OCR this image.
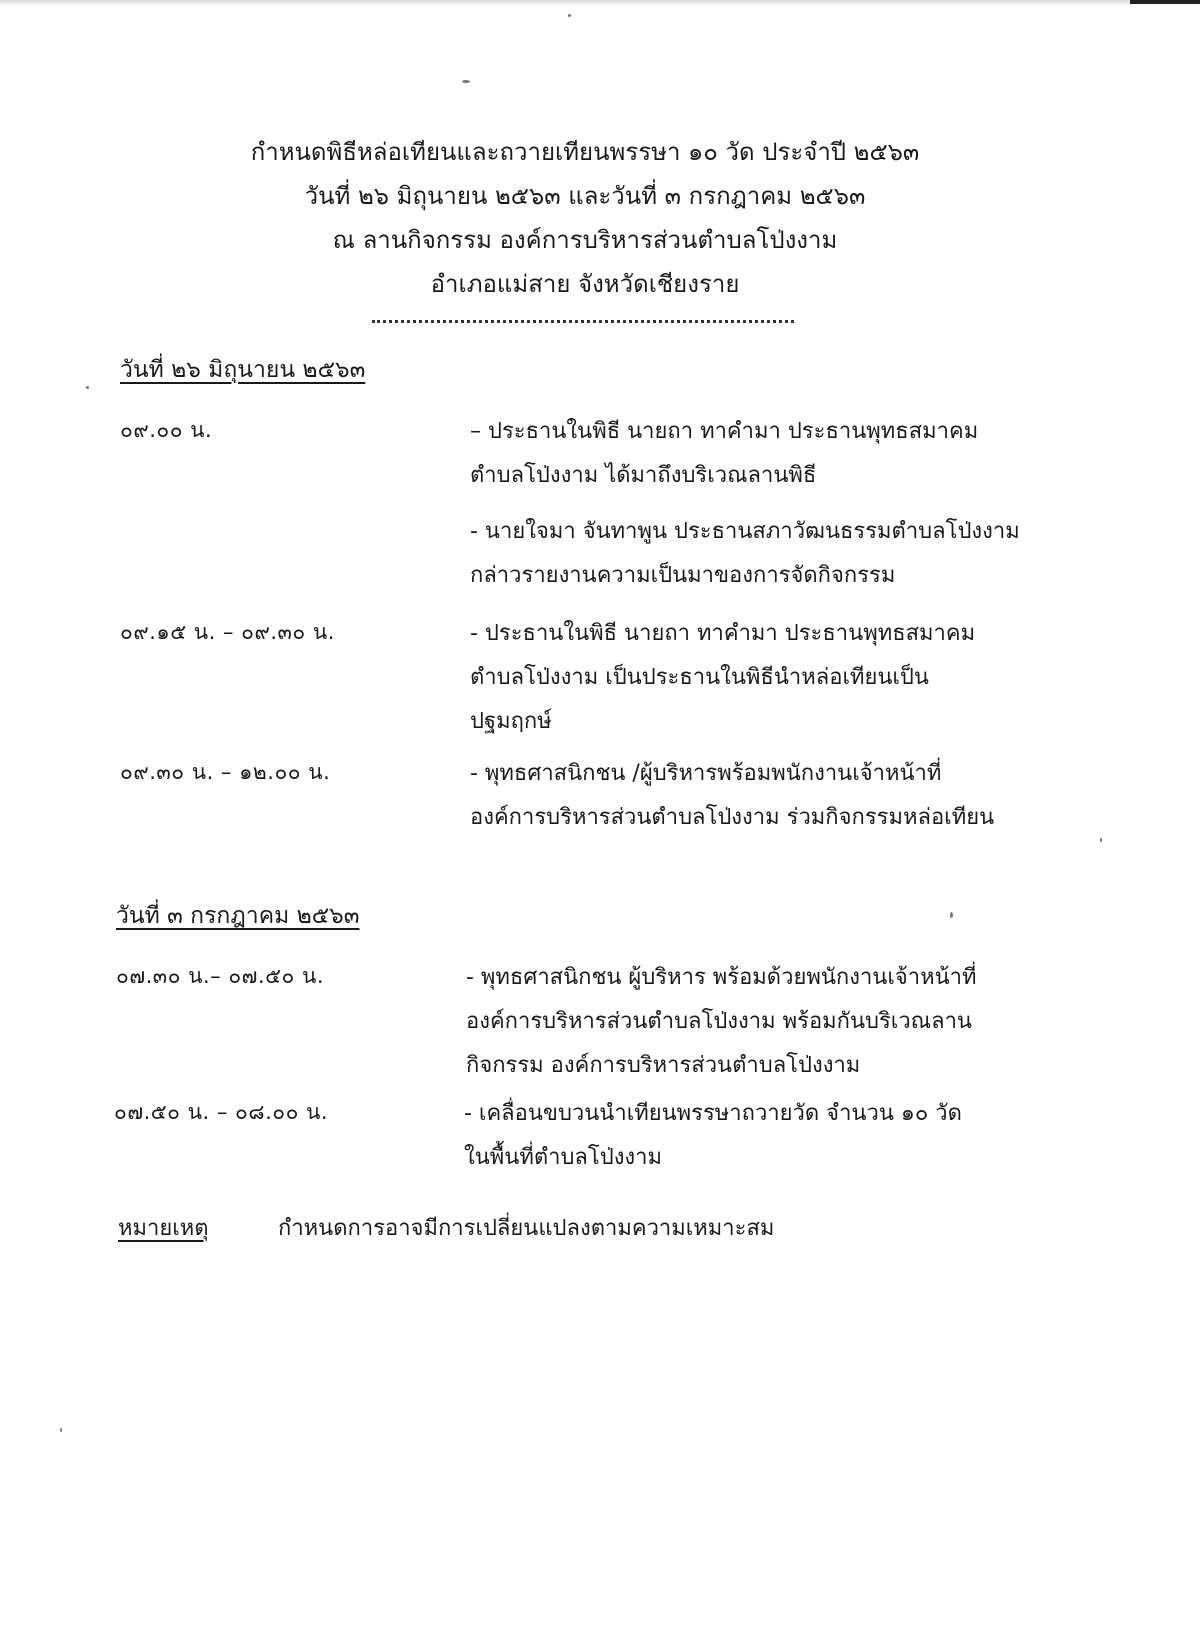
กำหนดพิธีหล่อเทียนและถวายเทียนพรรษา ๑๐ วัด ประจำปี ๒๕๖๓
วันที่ ๒๖ มิถุนายน ๒๕๖๓ และวันที่ ๓ กรกฎาคม ๒๕๖๓
ณ ลานกิจกรรม องค์การบริหารส่วนตำบลโป่งงาม
อำเภอแม่สาย จังหวัดเชียงราย
วันที่ ๒๖ มิถุนายน ๒๕๖๓
๐๙.๐๐ น.	– ประธานในพิธี นายถา ทาคำมา ประธานพุทธสมาคม
ตำบลโป่งงาม ได้มาถึงบริเวณลานพิธี
- นายใจมา จันทาพูน ประธานสภาวัฒนธรรมตำบลโป่งงาม
กล่าวรายงานความเป็นมาของการจัดกิจกรรม
๐๙.๑๕ น. – ๐๙.๓๐ น.	- ประธานในพิธี นายถา ทาคำมา ประธานพุทธสมาคม
ตำบลโป่งงาม เป็นประธานในพิธีนำหล่อเทียนเป็น
ปฐมฤกษ์
๐๙.๓๐ น. – ๑๒.๐๐ น.	- พุทธศาสนิกชน /ผู้บริหารพร้อมพนักงานเจ้าหน้าที่
องค์การบริหารส่วนตำบลโป่งงาม ร่วมกิจกรรมหล่อเทียน
วันที่ ๓ กรกฎาคม ๒๕๖๓
๐๗.๓๐ น.– ๐๗.๕๐ น.	- พุทธศาสนิกชน ผู้บริหาร พร้อมด้วยพนักงานเจ้าหน้าที่
องค์การบริหารส่วนตำบลโป่งงาม พร้อมกันบริเวณลาน
กิจกรรม องค์การบริหารส่วนตำบลโป่งงาม
๐๗.๕๐ น. – ๐๘.๐๐ น.	- เคลื่อนขบวนนำเทียนพรรษาถวายวัด จำนวน ๑๐ วัด
ในพื้นที่ตำบลโป่งงาม
หมายเหตุ	กำหนดการอาจมีการเปลี่ยนแปลงตามความเหมาะสม
